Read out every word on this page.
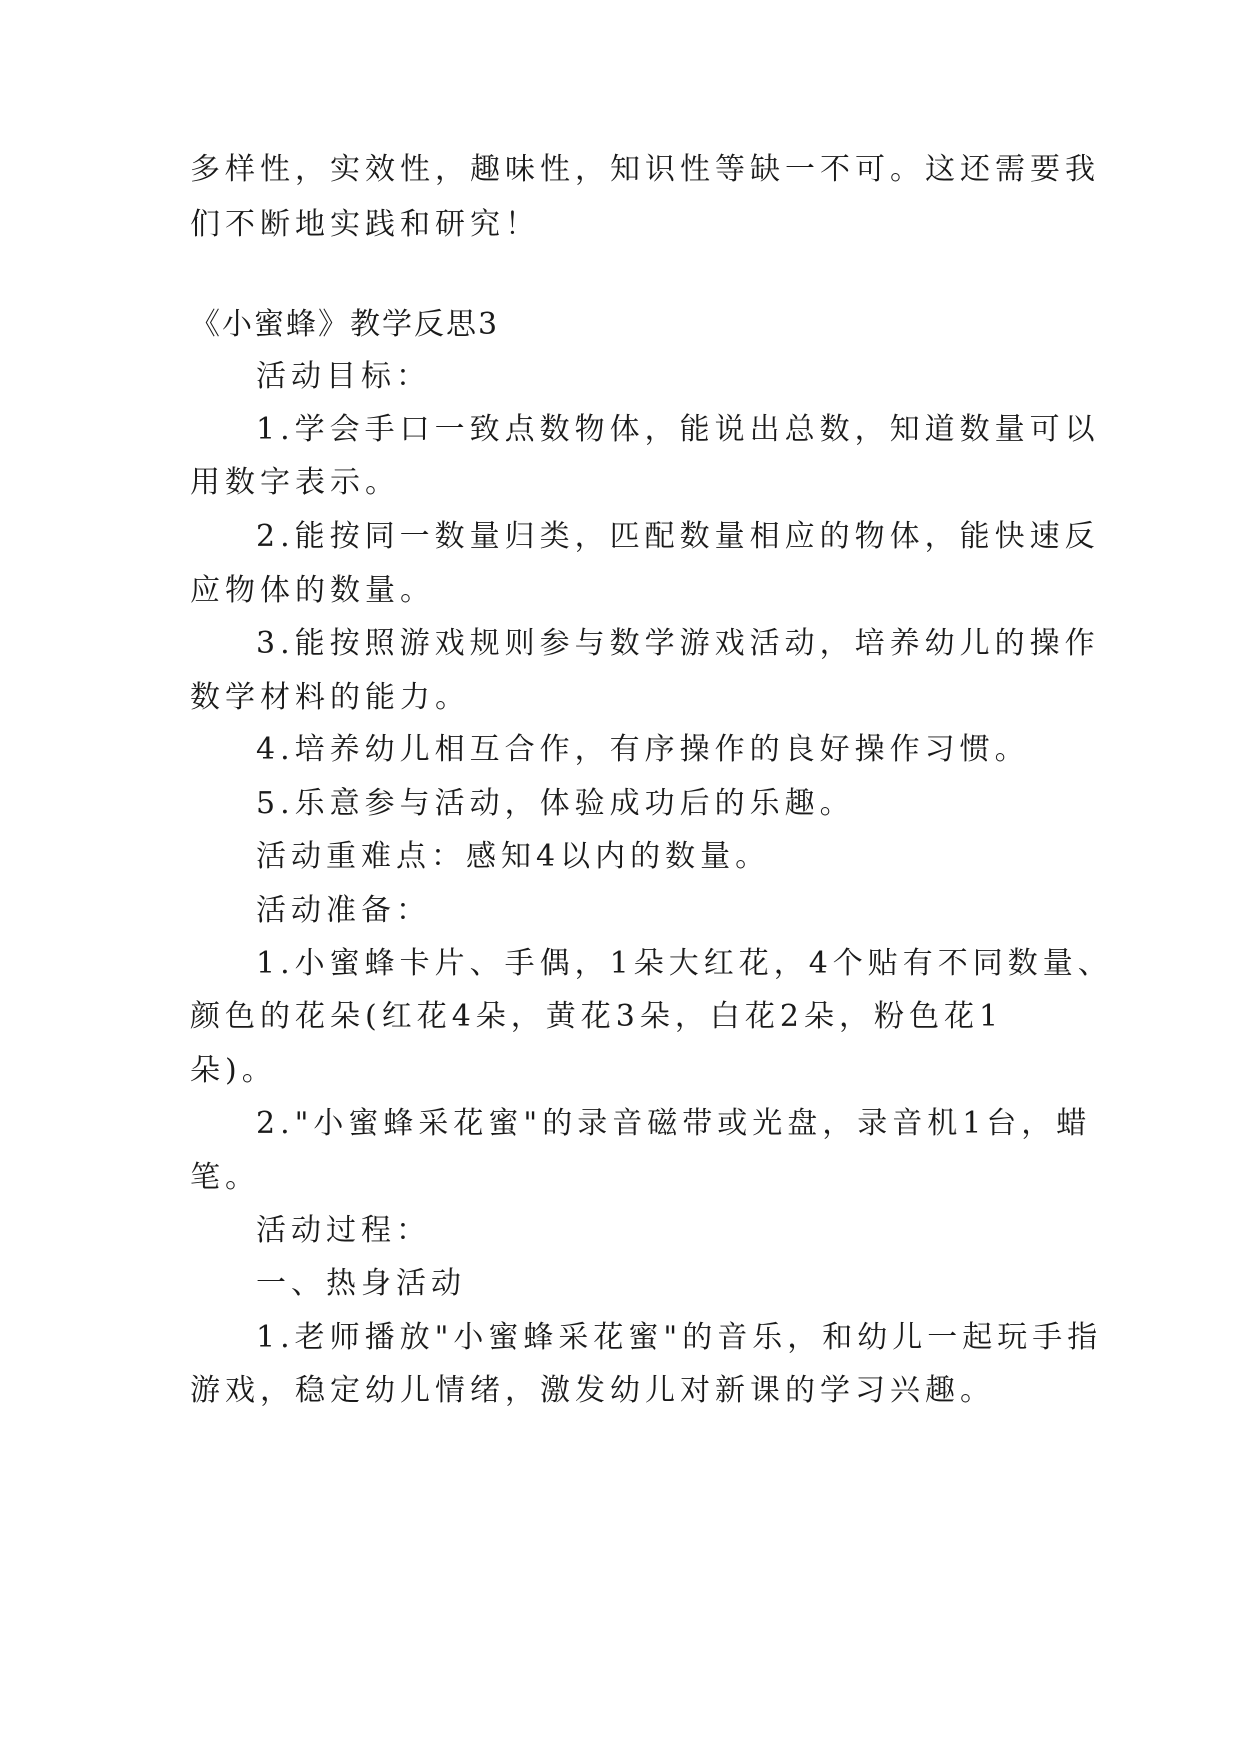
多样性，实效性，趣味性，知识性等缺一不可。这还需要我
们不断地实践和研究！
《小蜜蜂》教学反思3
活动目标：
1.学会手口一致点数物体，能说出总数，知道数量可以
用数字表示。
2.能按同一数量归类，匹配数量相应的物体，能快速反
应物体的数量。
3.能按照游戏规则参与数学游戏活动，培养幼儿的操作
数学材料的能力。
4.培养幼儿相互合作，有序操作的良好操作习惯。
5.乐意参与活动，体验成功后的乐趣。
活动重难点：感知4以内的数量。
活动准备：
1.小蜜蜂卡片、手偶，1朵大红花，4个贴有不同数量、
颜色的花朵(红花4朵，黄花3朵，白花2朵，粉色花1
朵)。
2."小蜜蜂采花蜜"的录音磁带或光盘，录音机1台，蜡
笔。
活动过程：
一、热身活动
1.老师播放"小蜜蜂采花蜜"的音乐，和幼儿一起玩手指
游戏，稳定幼儿情绪，激发幼儿对新课的学习兴趣。
